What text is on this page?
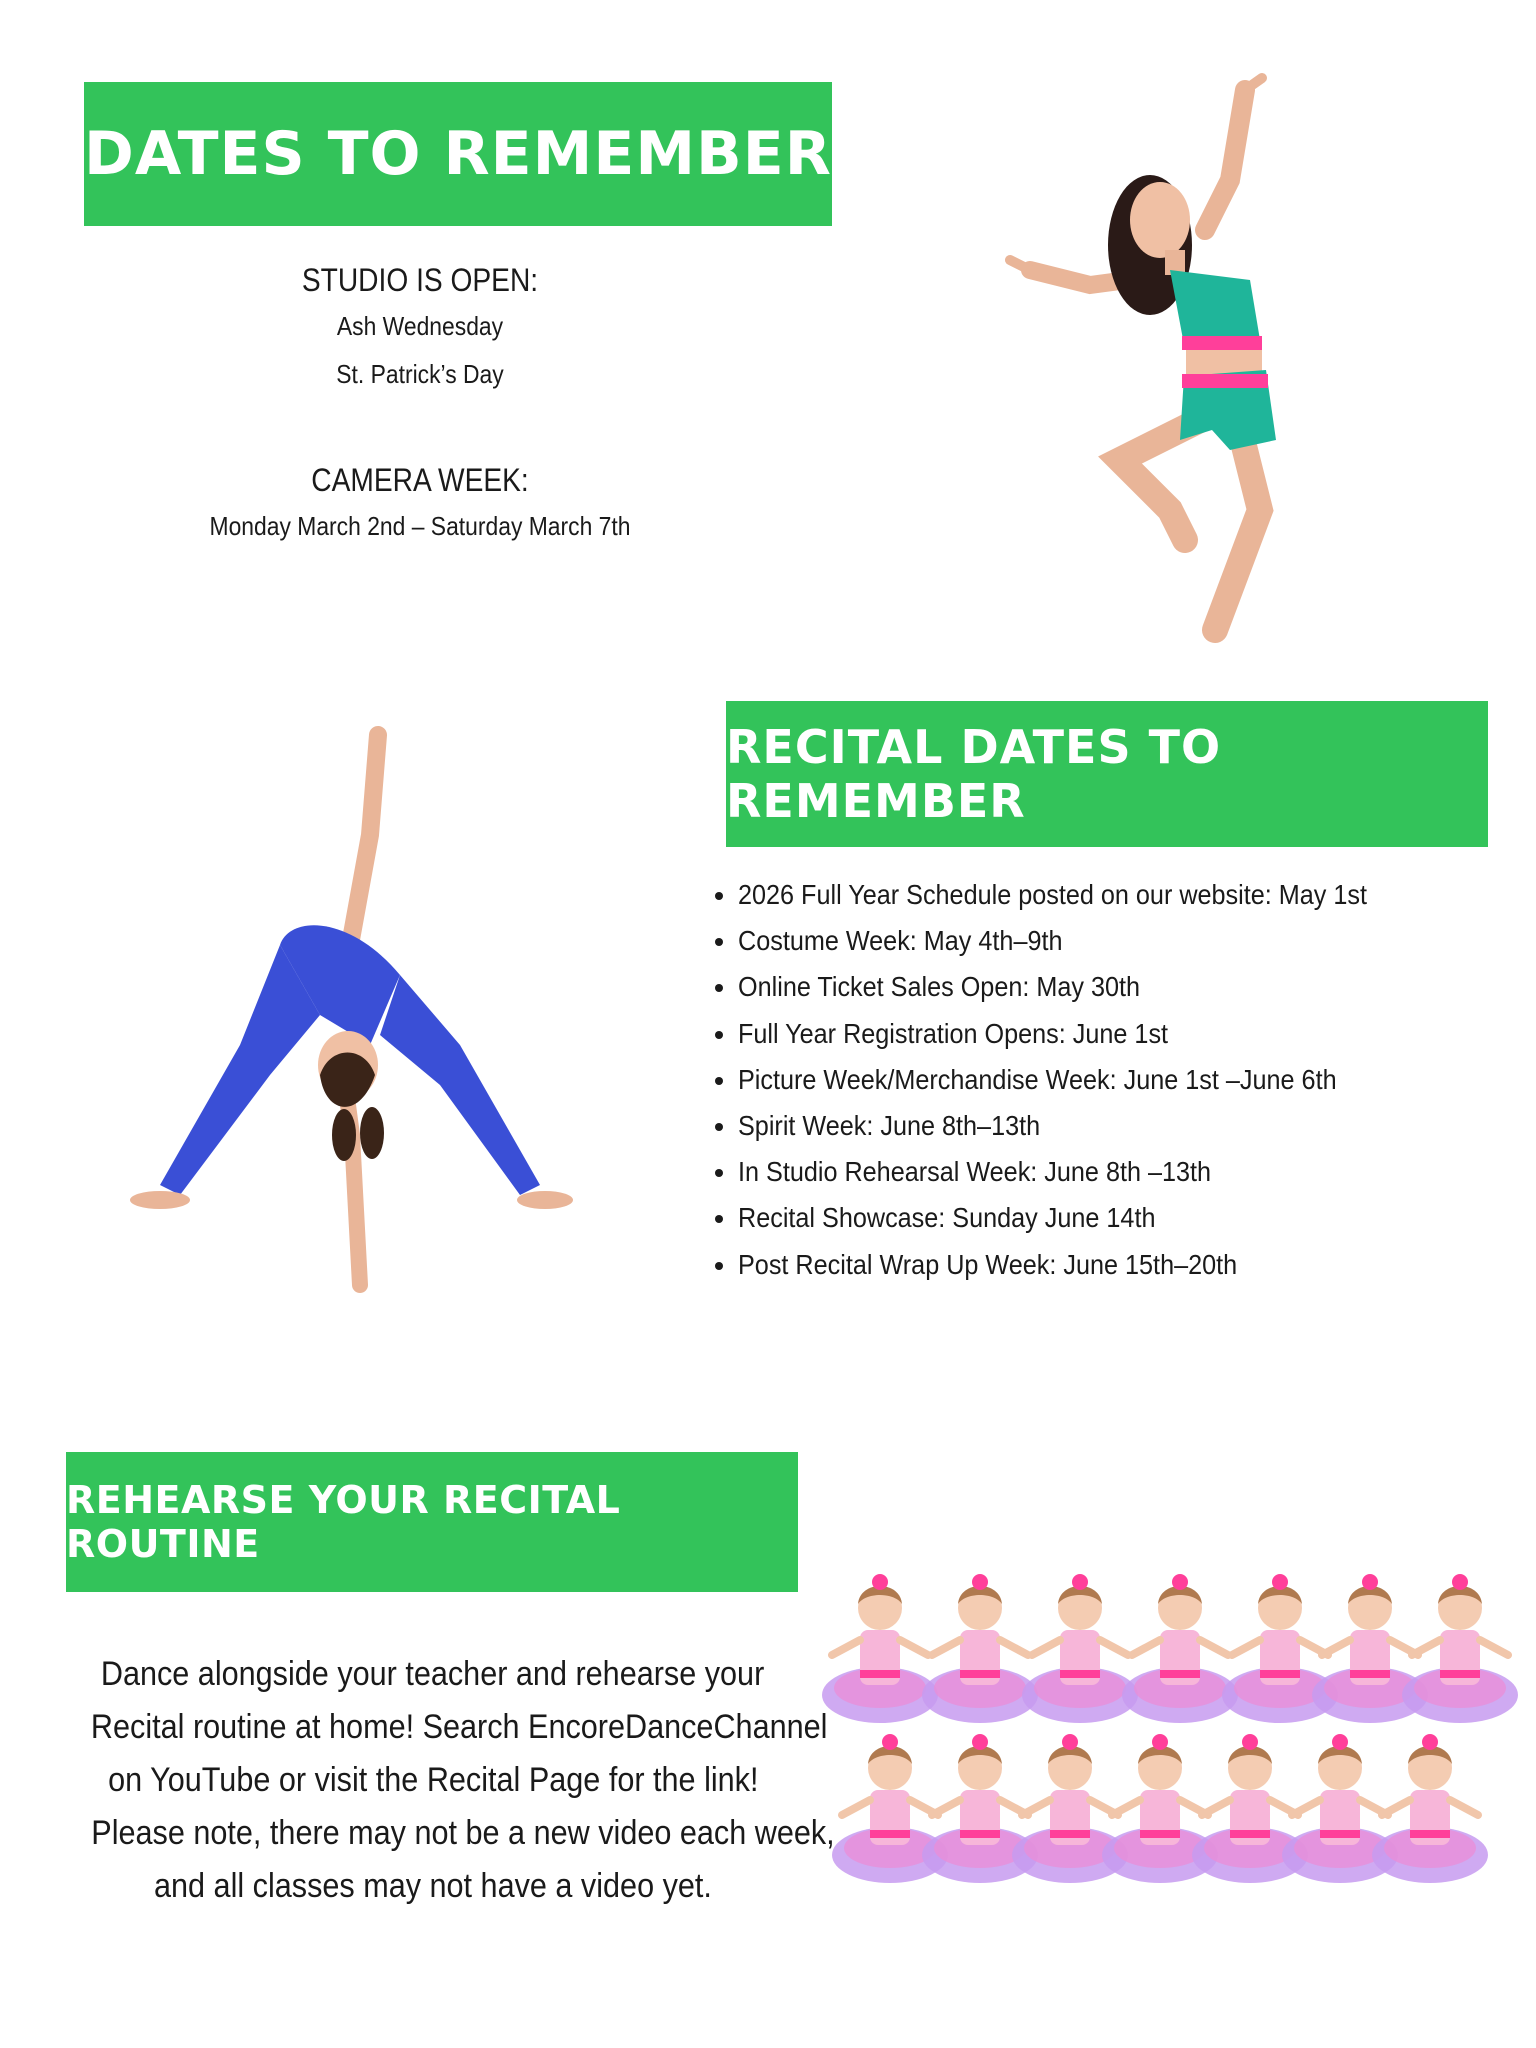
DATES TO REMEMBER
STUDIO IS OPEN:
Ash Wednesday
St. Patrick’s Day
CAMERA WEEK:
Monday March 2nd – Saturday March 7th
RECITAL DATES TO REMEMBER
• 2026 Full Year Schedule posted on our website: May 1st
• Costume Week: May 4th–9th
• Online Ticket Sales Open: May 30th
• Full Year Registration Opens: June 1st
• Picture Week/Merchandise Week: June 1st –June 6th
• Spirit Week: June 8th–13th
• In Studio Rehearsal Week: June 8th –13th
• Recital Showcase: Sunday June 14th
• Post Recital Wrap Up Week: June 15th–20th
REHEARSE YOUR RECITAL ROUTINE
Dance alongside your teacher and rehearse your
Recital routine at home! Search EncoreDanceChannel
on YouTube or visit the Recital Page for the link!
Please note, there may not be a new video each week,
and all classes may not have a video yet.
